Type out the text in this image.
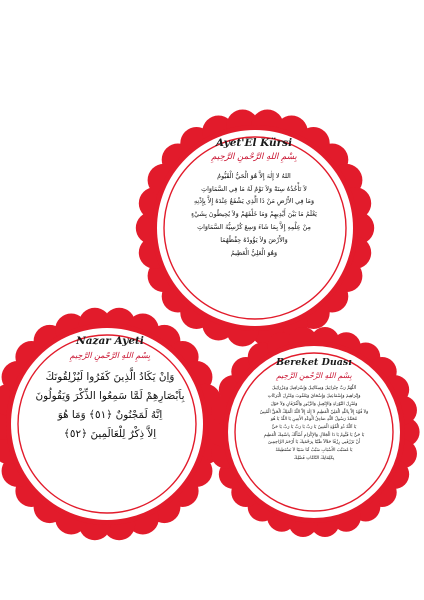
Ayet'El Kürsi
بِسْمِ اللهِ الرَّحْمنِ الرَّحِيمِ
اللهُ لا إِلٰهَ إِلاَّ هُوَ الْحَيُّ الْقَيُّومُ
لاَ تَأْخُذُهُ سِنَةٌ وَلاَ نَوْمٌ لَهُ مَا فِي السَّمَاوَاتِ
وَمَا فِي الأَرْضِ مَنْ ذَا الَّذِي يَشْفَعُ عِنْدَهُ إِلاَّ بِإِذْنِهِ
يَعْلَمُ مَا بَيْنَ أَيْدِيهِمْ وَمَا خَلْفَهُمْ وَلاَ يُحِيطُونَ بِشَيْءٍ
مِنْ عِلْمِهِ إِلاَّ بِمَا شَاءَ وَسِعَ كُرْسِيُّهُ السَّمَاوَاتِ
وَالأَرْضَ وَلاَ يَؤُودُهُ حِفْظُهُمَا
وَهُوَ الْعَلِيُّ الْعَظِيمُ
Nazar Ayeti
بِسْمِ اللهِ الرَّحْمنِ الرَّحِيمِ
وَاِنْ يَكَادُ الَّذِينَ كَفَرُوا لَيُزْلِقُونَكَ
بِاَبْصَارِهِمْ لَمَّا سَمِعُوا الذِّكْرَ وَيَقُولُونَ
اِنَّهُ لَمَجْنُونٌ ﴿٥١﴾ وَمَا هُوَ
اِلاَّ ذِكْرٌ لِلْعَالَمِينَ ﴿٥٢﴾
Bereket Duası
بِسْمِ اللهِ الرَّحْمنِ الرَّحِيمِ
اَللّٰهُمَّ رَبَّ جِبْرَائِيلَ وَمِيكَائِيلَ وَإِسْرَافِيلَ وَعِزْرَائِيلَ
وَإِبْرَاهِيمَ وَإِسْمَاعِيلَ وَإِسْحَاقَ وَيَعْقُوبَ وَمُنْزِلَ الْبَرَكَاتِ
وَمُنْزِلَ التَّوْرَاةِ وَالإِنْجِيلِ وَالزَّبُورِ وَالْفُرْقَانِ وَلاَ حَوْلَ
وَلاَ قُوَّةَ إِلاَّ بِاللّٰهِ الْعَلِيِّ الْعَظِيمِ لاَ إِلٰهَ إِلاَّ اللّٰهُ الْمَلِكُ الْحَقُّ الْمُبِينُ
مُحَمَّدٌ رَسُولُ اللّٰهِ صَادِقُ الْوَعْدِ الأَمِينِ يَا اللّٰهُ يَا هُوَ
يَا اَللّٰهُ ذُو الْقُوَّةِ الْمَتِينُ يَا رَبِّ يَا رَبِّ يَا رَبِّ يَا حَيُّ
يَا حَيُّ يَا قَيُّومُ يَا ذَا الْجَلاَلِ وَالإِكْرَامِ أَسْأَلُكَ بِاسْمِكَ الْعَظِيمِ
أَنْ تَرْزُقَنِي رِزْقًا حَلاَلاً طَيِّبًا بِرَحْمَتِكَ يَا أَرْحَمَ الرَّاحِمِينَ
يَا مُسَبِّبَ الأَسْبَابِ سَبِّبْ لَنَا سَبَبًا لاَ نَسْتَطِيعُهُ
بِكَلِمَاتِكَ التَّامَّاتِ فَضْلِكَ
